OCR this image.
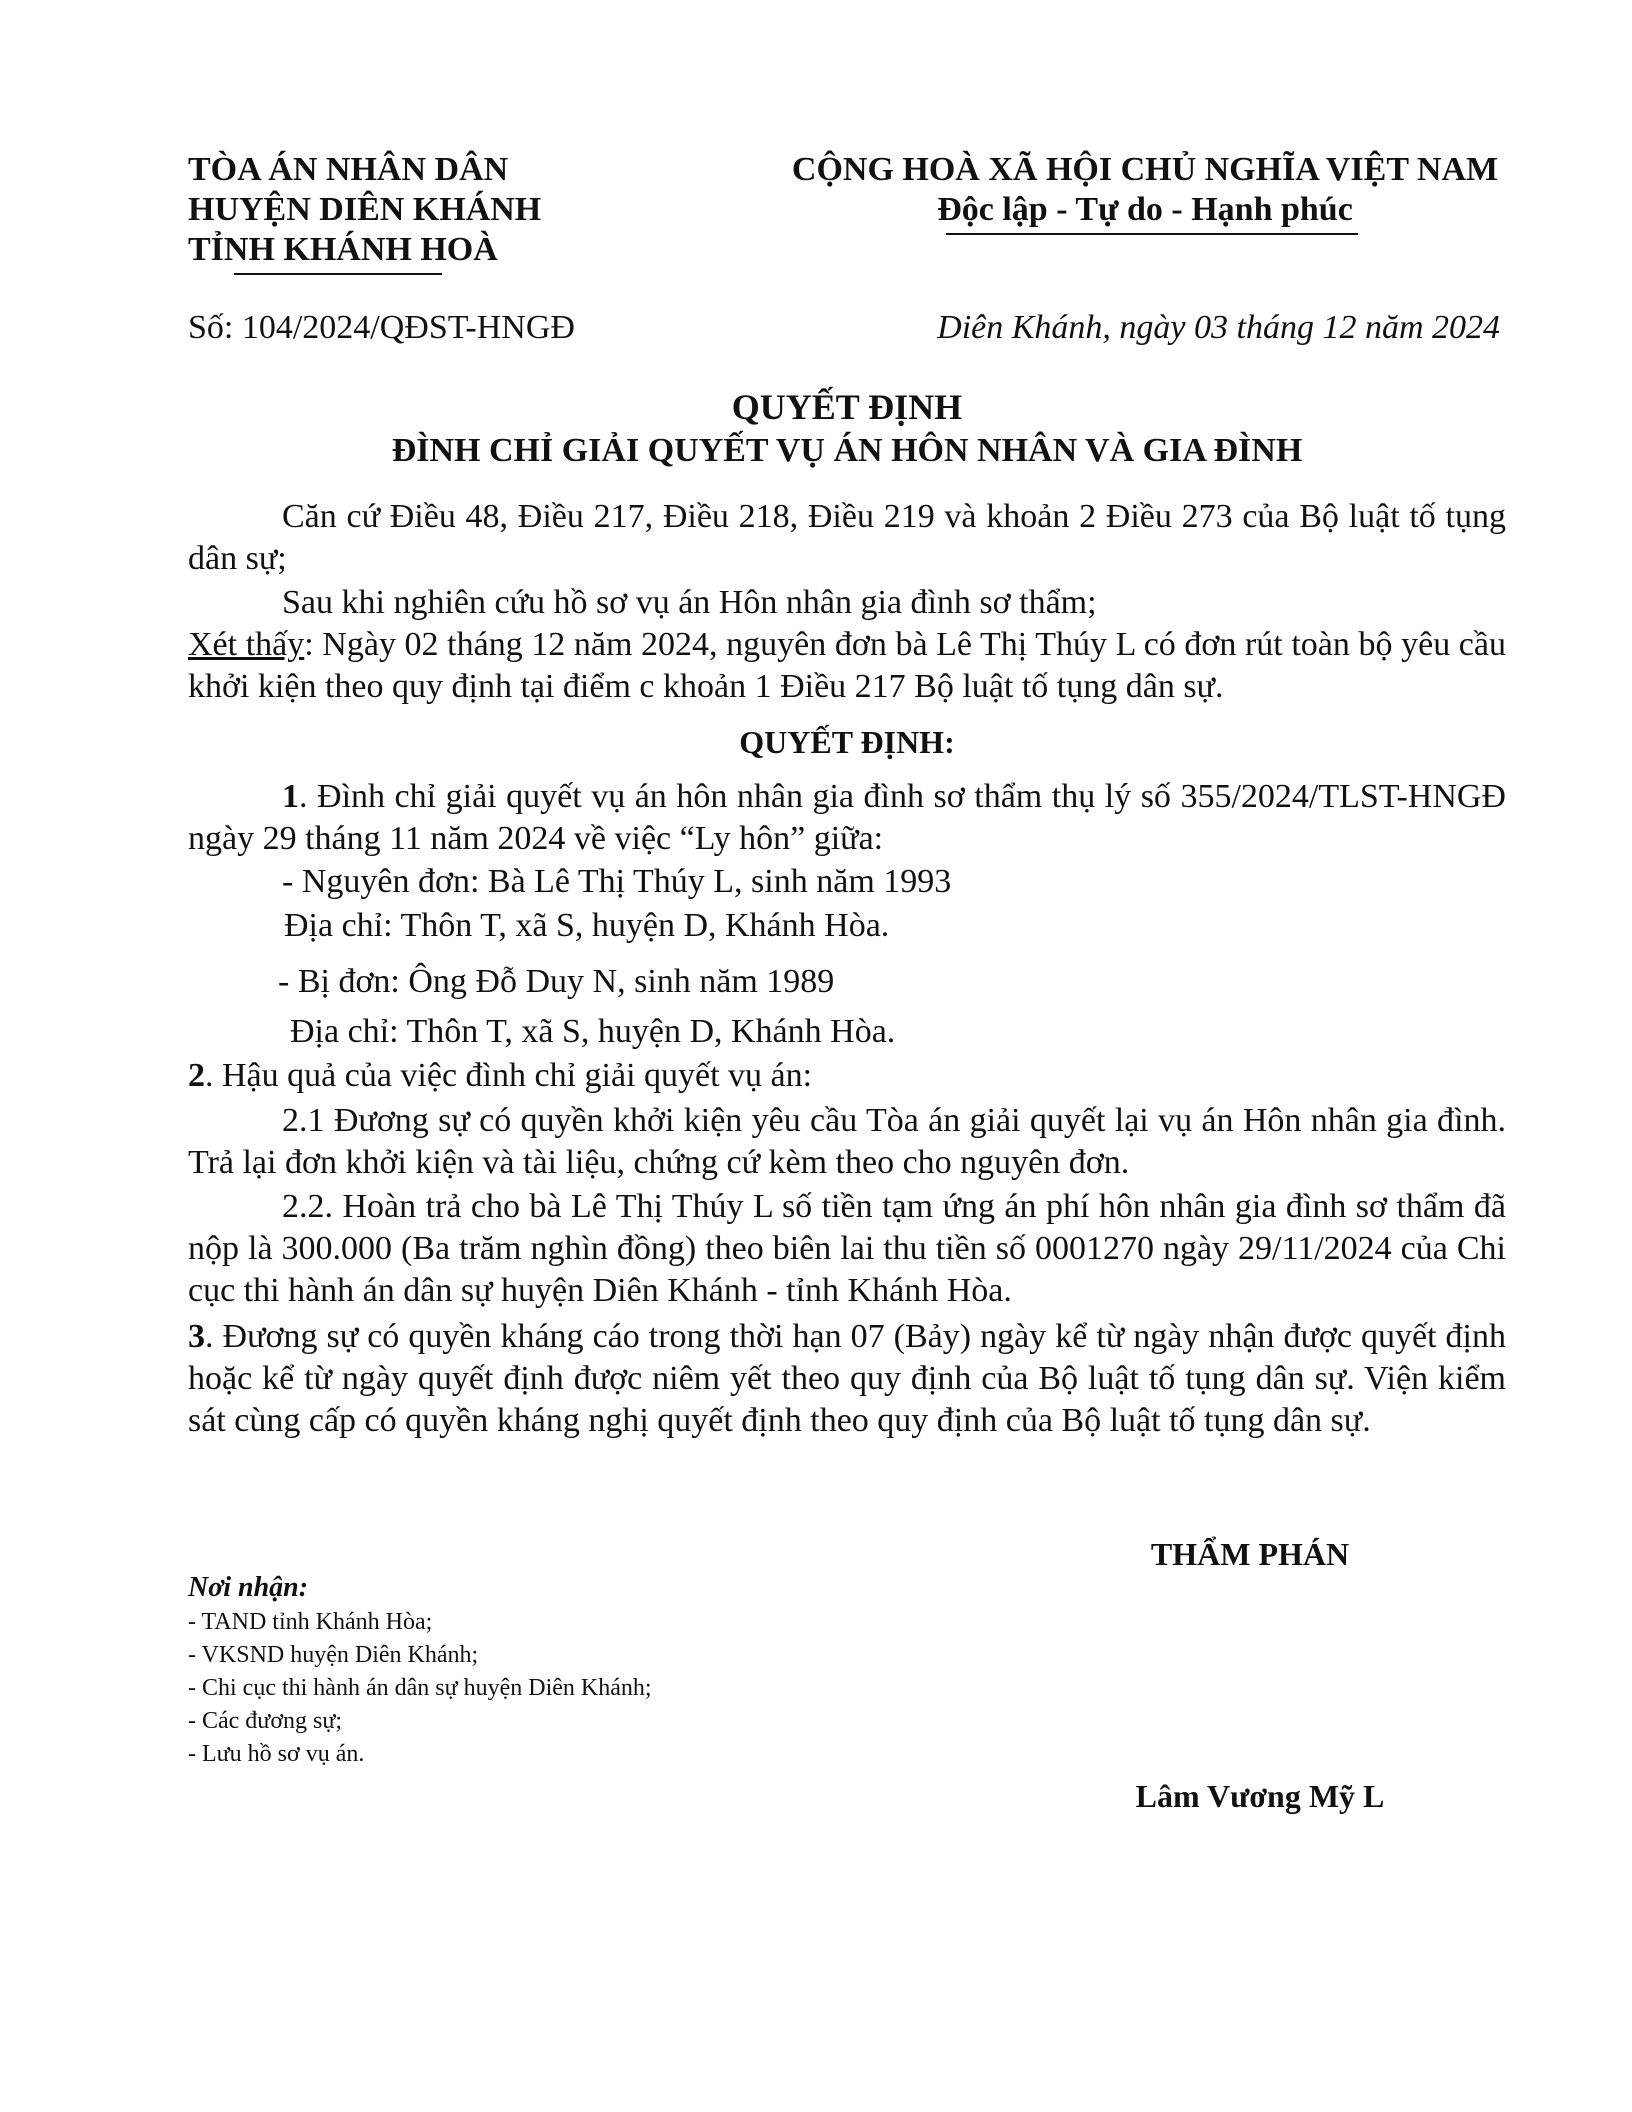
TÒA ÁN NHÂN DÂN
HUYỆN DIÊN KHÁNH
TỈNH KHÁNH HOÀ
CỘNG HOÀ XÃ HỘI CHỦ NGHĨA VIỆT NAM
Độc lập - Tự do - Hạnh phúc
Số: 104/2024/QĐST-HNGĐ	Diên Khánh, ngày 03 tháng 12 năm 2024
QUYẾT ĐỊNH
ĐÌNH CHỈ GIẢI QUYẾT VỤ ÁN HÔN NHÂN VÀ GIA ĐÌNH
Căn cứ Điều 48, Điều 217, Điều 218, Điều 219 và khoản 2 Điều 273 của Bộ luật tố tụng dân sự;
Sau khi nghiên cứu hồ sơ vụ án Hôn nhân gia đình sơ thẩm;
Xét thấy: Ngày 02 tháng 12 năm 2024, nguyên đơn bà Lê Thị Thúy L có đơn rút toàn bộ yêu cầu khởi kiện theo quy định tại điểm c khoản 1 Điều 217 Bộ luật tố tụng dân sự.
QUYẾT ĐỊNH:
1. Đình chỉ giải quyết vụ án hôn nhân gia đình sơ thẩm thụ lý số 355/2024/TLST-HNGĐ ngày 29 tháng 11 năm 2024 về việc “Ly hôn” giữa:
- Nguyên đơn: Bà Lê Thị Thúy L, sinh năm 1993
Địa chỉ: Thôn T, xã S, huyện D, Khánh Hòa.
- Bị đơn: Ông Đỗ Duy N, sinh năm 1989
Địa chỉ: Thôn T, xã S, huyện D, Khánh Hòa.
2. Hậu quả của việc đình chỉ giải quyết vụ án:
2.1 Đương sự có quyền khởi kiện yêu cầu Tòa án giải quyết lại vụ án Hôn nhân gia đình. Trả lại đơn khởi kiện và tài liệu, chứng cứ kèm theo cho nguyên đơn.
2.2. Hoàn trả cho bà Lê Thị Thúy L số tiền tạm ứng án phí hôn nhân gia đình sơ thẩm đã nộp là 300.000 (Ba trăm nghìn đồng) theo biên lai thu tiền số 0001270 ngày 29/11/2024 của Chi cục thi hành án dân sự huyện Diên Khánh - tỉnh Khánh Hòa.
3. Đương sự có quyền kháng cáo trong thời hạn 07 (Bảy) ngày kể từ ngày nhận được quyết định hoặc kể từ ngày quyết định được niêm yết theo quy định của Bộ luật tố tụng dân sự. Viện kiểm sát cùng cấp có quyền kháng nghị quyết định theo quy định của Bộ luật tố tụng dân sự.
THẨM PHÁN
Lâm Vương Mỹ L
Nơi nhận:
- TAND tỉnh Khánh Hòa;
- VKSND huyện Diên Khánh;
- Chi cục thi hành án dân sự huyện Diên Khánh;
- Các đương sự;
- Lưu hồ sơ vụ án.
